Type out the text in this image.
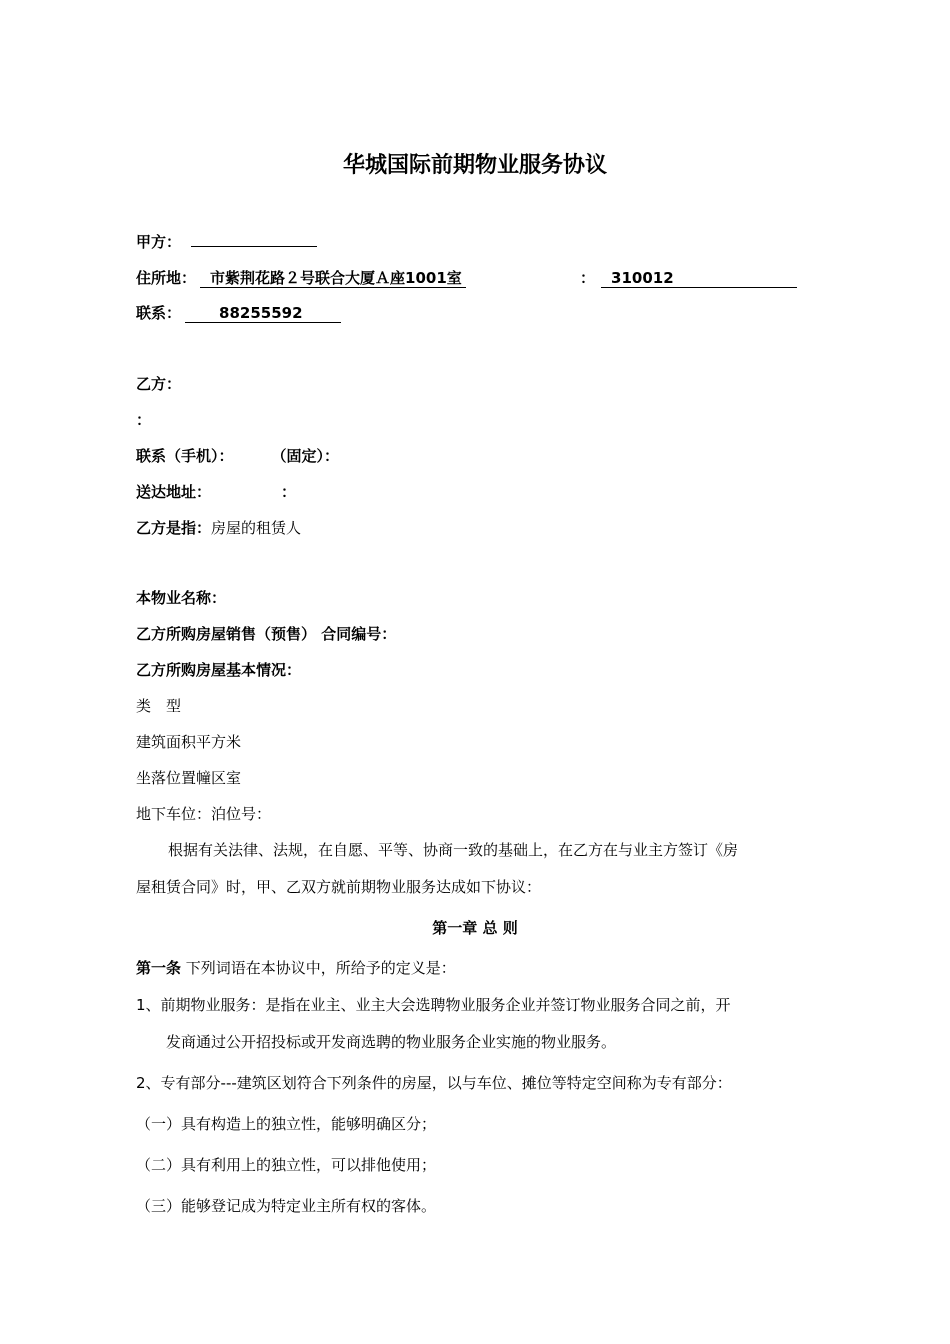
华城国际前期物业服务协议
甲方：
住所地： 市紫荆花路２号联合大厦Ａ座1001室	： 310012
联系：	88255592
乙方：
：
联系（手机）：	（固定）：
送达地址：	：
乙方是指：房屋的租赁人
本物业名称：
乙方所购房屋销售（预售） 合同编号：
乙方所购房屋基本情况：
类　型
建筑面积平方米
坐落位置幢区室
地下车位：泊位号：
根据有关法律、法规，在自愿、平等、协商一致的基础上，在乙方在与业主方签订《房
屋租赁合同》时，甲、乙双方就前期物业服务达成如下协议：
第一章 总 则
第一条 下列词语在本协议中，所给予的定义是：
1、前期物业服务：是指在业主、业主大会选聘物业服务企业并签订物业服务合同之前，开
发商通过公开招投标或开发商选聘的物业服务企业实施的物业服务。
2、专有部分---建筑区划符合下列条件的房屋，以与车位、摊位等特定空间称为专有部分：
（一）具有构造上的独立性，能够明确区分；
（二）具有利用上的独立性，可以排他使用；
（三）能够登记成为特定业主所有权的客体。
